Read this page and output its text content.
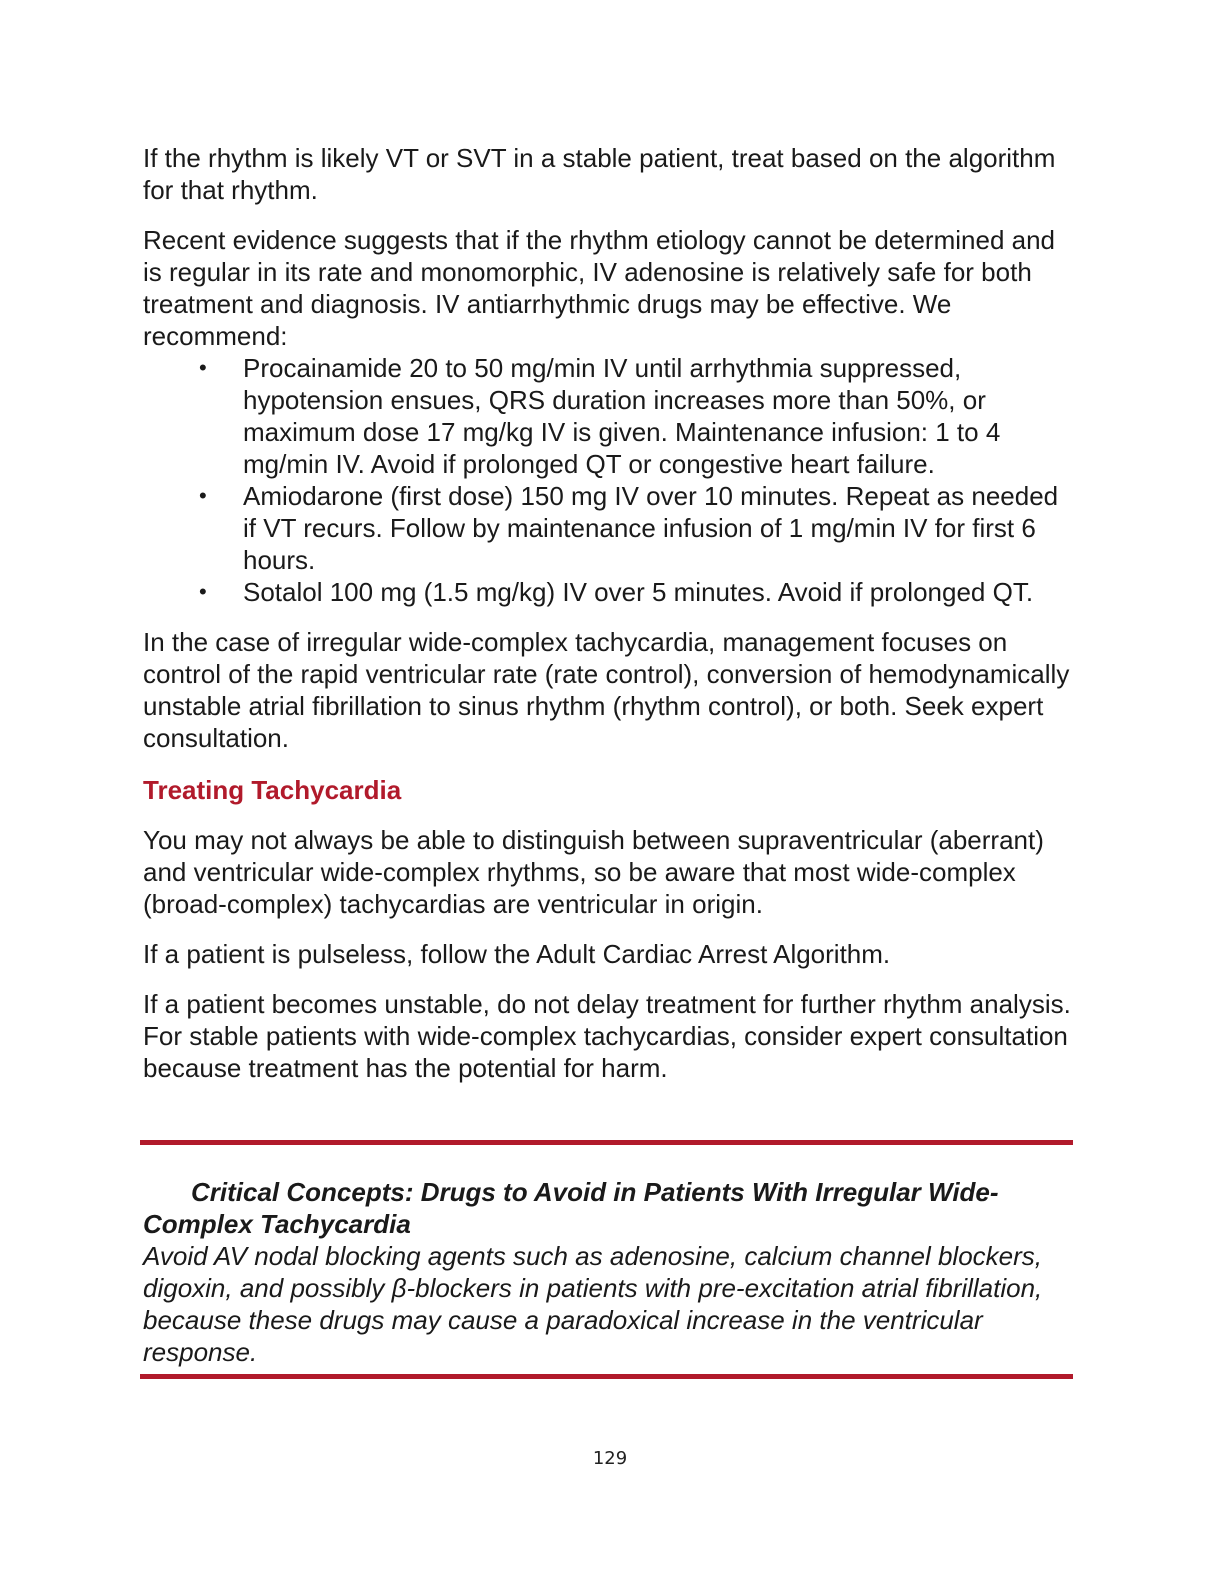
If the rhythm is likely VT or SVT in a stable patient, treat based on the algorithm for that rhythm.

Recent evidence suggests that if the rhythm etiology cannot be determined and is regular in its rate and monomorphic, IV adenosine is relatively safe for both treatment and diagnosis. IV antiarrhythmic drugs may be effective. We recommend:

• Procainamide 20 to 50 mg/min IV until arrhythmia suppressed, hypotension ensues, QRS duration increases more than 50%, or maximum dose 17 mg/kg IV is given. Maintenance infusion: 1 to 4 mg/min IV. Avoid if prolonged QT or congestive heart failure.
• Amiodarone (first dose) 150 mg IV over 10 minutes. Repeat as needed if VT recurs. Follow by maintenance infusion of 1 mg/min IV for first 6 hours.
• Sotalol 100 mg (1.5 mg/kg) IV over 5 minutes. Avoid if prolonged QT.

In the case of irregular wide-complex tachycardia, management focuses on control of the rapid ventricular rate (rate control), conversion of hemodynamically unstable atrial fibrillation to sinus rhythm (rhythm control), or both. Seek expert consultation.

Treating Tachycardia

You may not always be able to distinguish between supraventricular (aberrant) and ventricular wide-complex rhythms, so be aware that most wide-complex (broad-complex) tachycardias are ventricular in origin.

If a patient is pulseless, follow the Adult Cardiac Arrest Algorithm.

If a patient becomes unstable, do not delay treatment for further rhythm analysis. For stable patients with wide-complex tachycardias, consider expert consultation because treatment has the potential for harm.

Critical Concepts: Drugs to Avoid in Patients With Irregular Wide-Complex Tachycardia

Avoid AV nodal blocking agents such as adenosine, calcium channel blockers, digoxin, and possibly β-blockers in patients with pre-excitation atrial fibrillation, because these drugs may cause a paradoxical increase in the ventricular response.

129
